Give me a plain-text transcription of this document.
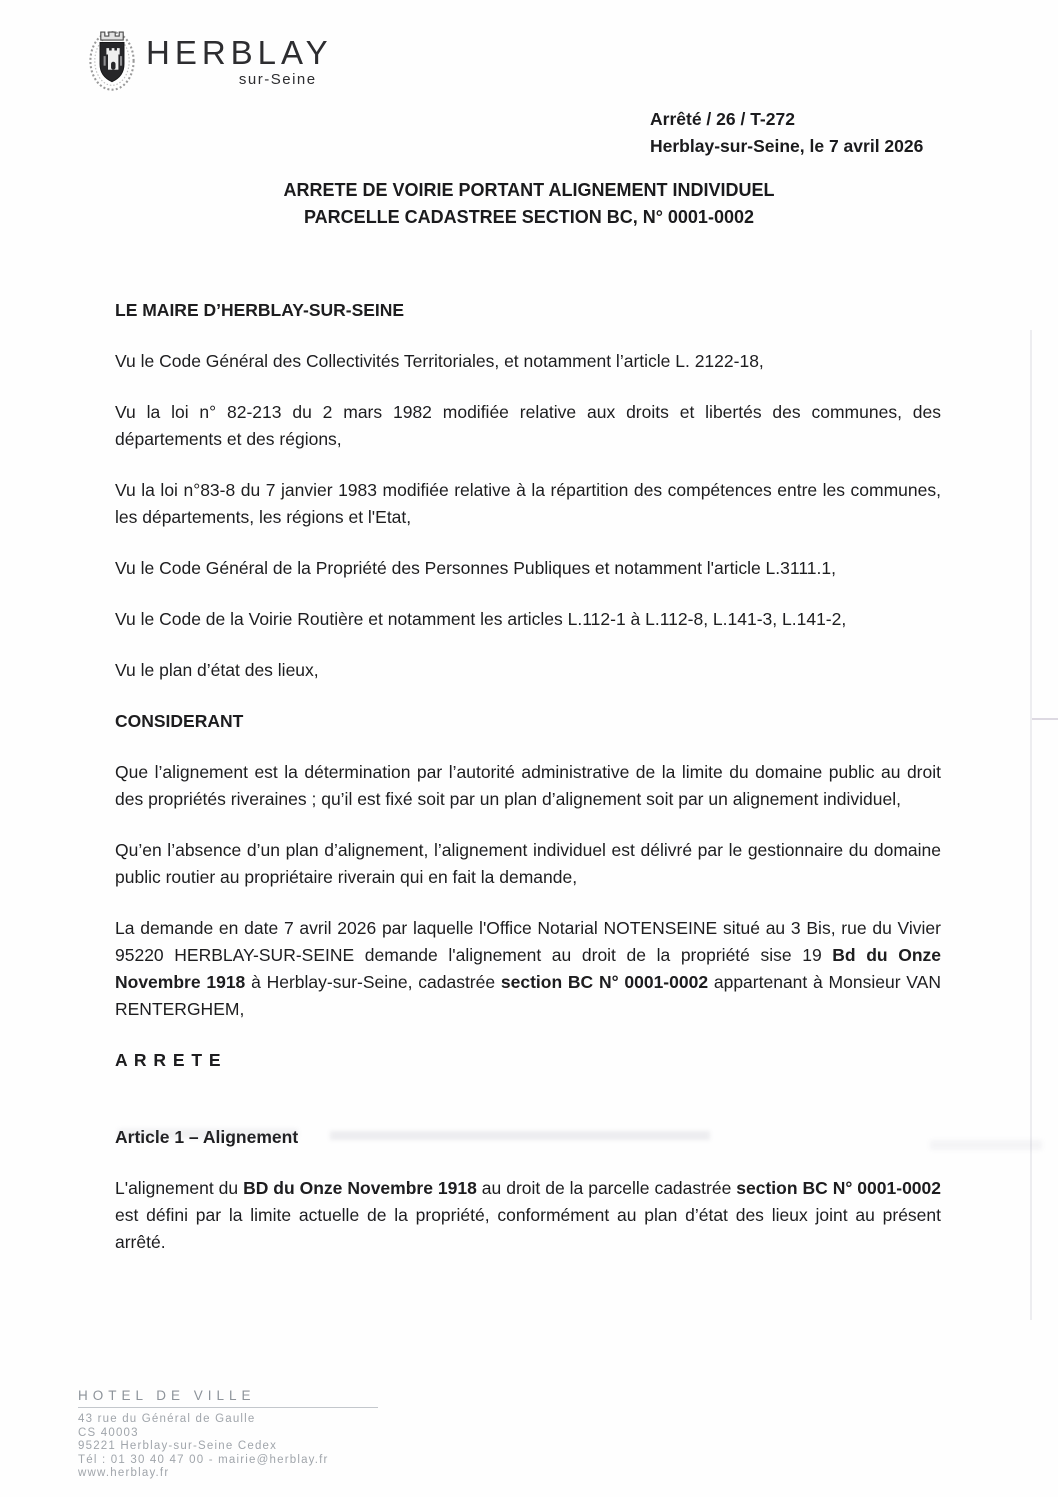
HERBLAY
sur-Seine
Arrêté / 26 / T-272
Herblay-sur-Seine, le 7 avril 2026
ARRETE DE VOIRIE PORTANT ALIGNEMENT INDIVIDUEL
PARCELLE CADASTREE SECTION BC, N° 0001-0002

LE MAIRE D’HERBLAY-SUR-SEINE

Vu le Code Général des Collectivités Territoriales, et notamment l’article L. 2122-18,

Vu la loi n° 82-213 du 2 mars 1982 modifiée relative aux droits et libertés des communes, des départements et des régions,

Vu la loi n°83-8 du 7 janvier 1983 modifiée relative à la répartition des compétences entre les communes, les départements, les régions et l'Etat,

Vu le Code Général de la Propriété des Personnes Publiques et notamment l'article L.3111.1,

Vu le Code de la Voirie Routière et notamment les articles L.112-1 à L.112-8, L.141-3, L.141-2,

Vu le plan d’état des lieux,

CONSIDERANT

Que l’alignement est la détermination par l’autorité administrative de la limite du domaine public au droit des propriétés riveraines ; qu’il est fixé soit par un plan d’alignement soit par un alignement individuel,

Qu’en l’absence d’un plan d’alignement, l’alignement individuel est délivré par le gestionnaire du domaine public routier au propriétaire riverain qui en fait la demande,

La demande en date 7 avril 2026 par laquelle l'Office Notarial NOTENSEINE situé au 3 Bis, rue du Vivier 95220 HERBLAY-SUR-SEINE demande l'alignement au droit de la propriété sise 19 Bd du Onze Novembre 1918 à Herblay-sur-Seine, cadastrée section BC N° 0001-0002 appartenant à Monsieur VAN RENTERGHEM,

A R R E T E

Article 1 – Alignement

L'alignement du BD du Onze Novembre 1918 au droit de la parcelle cadastrée section BC N° 0001-0002 est défini par la limite actuelle de la propriété, conformément au plan d’état des lieux joint au présent arrêté.

HOTEL DE VILLE
43 rue du Général de Gaulle
CS 40003
95221 Herblay-sur-Seine Cedex
Tél : 01 30 40 47 00 - mairie@herblay.fr
www.herblay.fr
